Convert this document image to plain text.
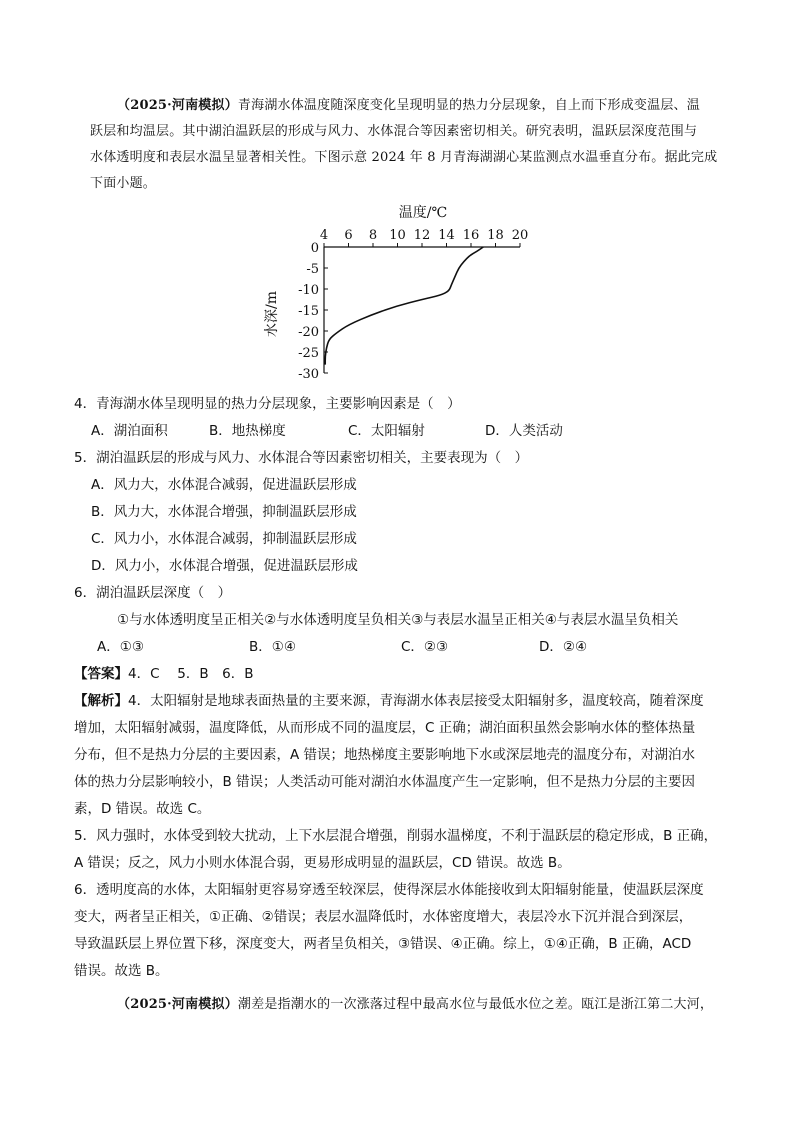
（2025·河南模拟）青海湖水体温度随深度变化呈现明显的热力分层现象，自上而下形成变温层、温
跃层和均温层。其中湖泊温跃层的形成与风力、水体混合等因素密切相关。研究表明，温跃层深度范围与
水体透明度和表层水温呈显著相关性。下图示意 2024 年 8 月青海湖湖心某监测点水温垂直分布。据此完成
下面小题。
温度/℃
4 6 8 10 12 14 16 18 20
0
-5
-10
-15
-20
-25
-30
水深/m
4．青海湖水体呈现明显的热力分层现象，主要影响因素是（　）
A．湖泊面积	B．地热梯度	C．太阳辐射	D．人类活动
5．湖泊温跃层的形成与风力、水体混合等因素密切相关，主要表现为（　）
A．风力大，水体混合减弱，促进温跃层形成
B．风力大，水体混合增强，抑制温跃层形成
C．风力小，水体混合减弱，抑制温跃层形成
D．风力小，水体混合增强，促进温跃层形成
6．湖泊温跃层深度（　）
①与水体透明度呈正相关②与水体透明度呈负相关③与表层水温呈正相关④与表层水温呈负相关
A．①③	B．①④	C．②③	D．②④
【答案】4．C　 5．B　6．B
【解析】4．太阳辐射是地球表面热量的主要来源，青海湖水体表层接受太阳辐射多，温度较高，随着深度
增加，太阳辐射减弱，温度降低，从而形成不同的温度层，C 正确；湖泊面积虽然会影响水体的整体热量
分布，但不是热力分层的主要因素，A 错误；地热梯度主要影响地下水或深层地壳的温度分布，对湖泊水
体的热力分层影响较小，B 错误；人类活动可能对湖泊水体温度产生一定影响，但不是热力分层的主要因
素，D 错误。故选 C。
5．风力强时，水体受到较大扰动，上下水层混合增强，削弱水温梯度，不利于温跃层的稳定形成，B 正确，
A 错误；反之，风力小则水体混合弱，更易形成明显的温跃层，CD 错误。故选 B。
6．透明度高的水体，太阳辐射更容易穿透至较深层，使得深层水体能接收到太阳辐射能量，使温跃层深度
变大，两者呈正相关，①正确、②错误；表层水温降低时，水体密度增大，表层冷水下沉并混合到深层，
导致温跃层上界位置下移，深度变大，两者呈负相关，③错误、④正确。综上，①④正确，B 正确，ACD
错误。故选 B。
（2025·河南模拟）潮差是指潮水的一次涨落过程中最高水位与最低水位之差。瓯江是浙江第二大河，
